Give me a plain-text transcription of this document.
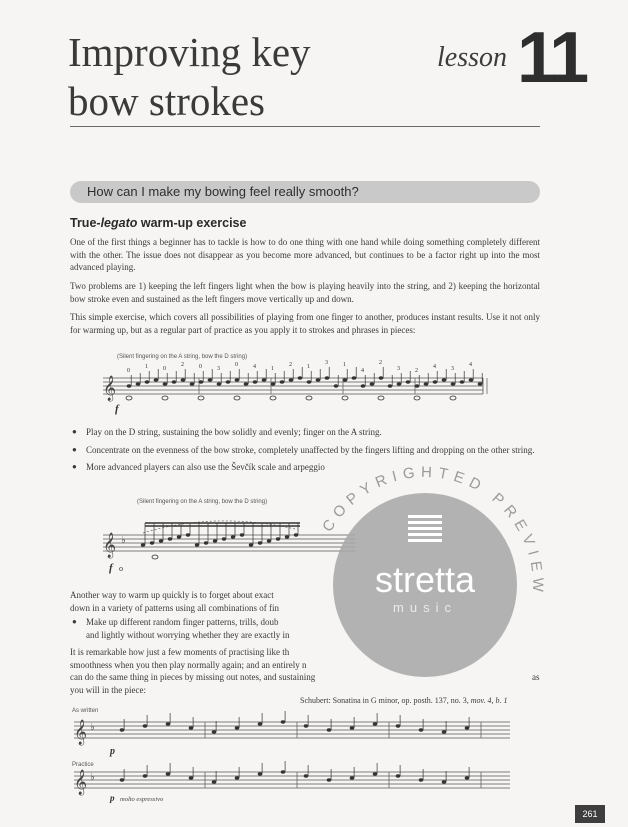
Improving key
bow strokes
lesson 11
How can I make my bowing feel really smooth?
True-legato warm-up exercise
One of the first things a beginner has to tackle is how to do one thing with one hand while doing something completely different with the other. The issue does not disappear as you become more advanced, but continues to be a factor right up into the most advanced playing.
Two problems are 1) keeping the left fingers light when the bow is playing heavily into the string, and 2) keeping the horizontal bow stroke even and sustained as the left fingers move vertically up and down.
This simple exercise, which covers all possibilities of playing from one finger to another, produces instant results. Use it not only for warming up, but as a regular part of practice as you apply it to strokes and phrases in pieces:
(Silent fingering on the A string, bow the D string)
𝄞
0
1	0
2	0	3
0	4	1
2	1
3	1
4
2
3	2
4	3
4
f
● Play on the D string, sustaining the bow solidly and evenly; finger on the A string.
● Concentrate on the evenness of the bow stroke, completely unaffected by the fingers lifting and dropping on the other string.
● More advanced players can also use the Ševčík scale and arpeggio
(Silent fingering on the A string, bow the D string)
𝄞 ♭
f o
Another way to warm up quickly is to forget about exact
down in a variety of patterns using all combinations of fin
● Make up different random finger patterns, trills, doub
and lightly without worrying whether they are exactly in
It is remarkable how just a few moments of practising like th
smoothness when you then play normally again; and an entirely n
can do the same thing in pieces by missing out notes, and sustaining	as
you will in the piece:
Schubert: Sonatina in G minor, op. posth. 137, no. 3, mov. 4, b. 1
As written
𝄞 ♭
p
Practice
𝄞 ♭
p molto espressivo
COPYRIGHTED PREVIEW
stretta
music
261
